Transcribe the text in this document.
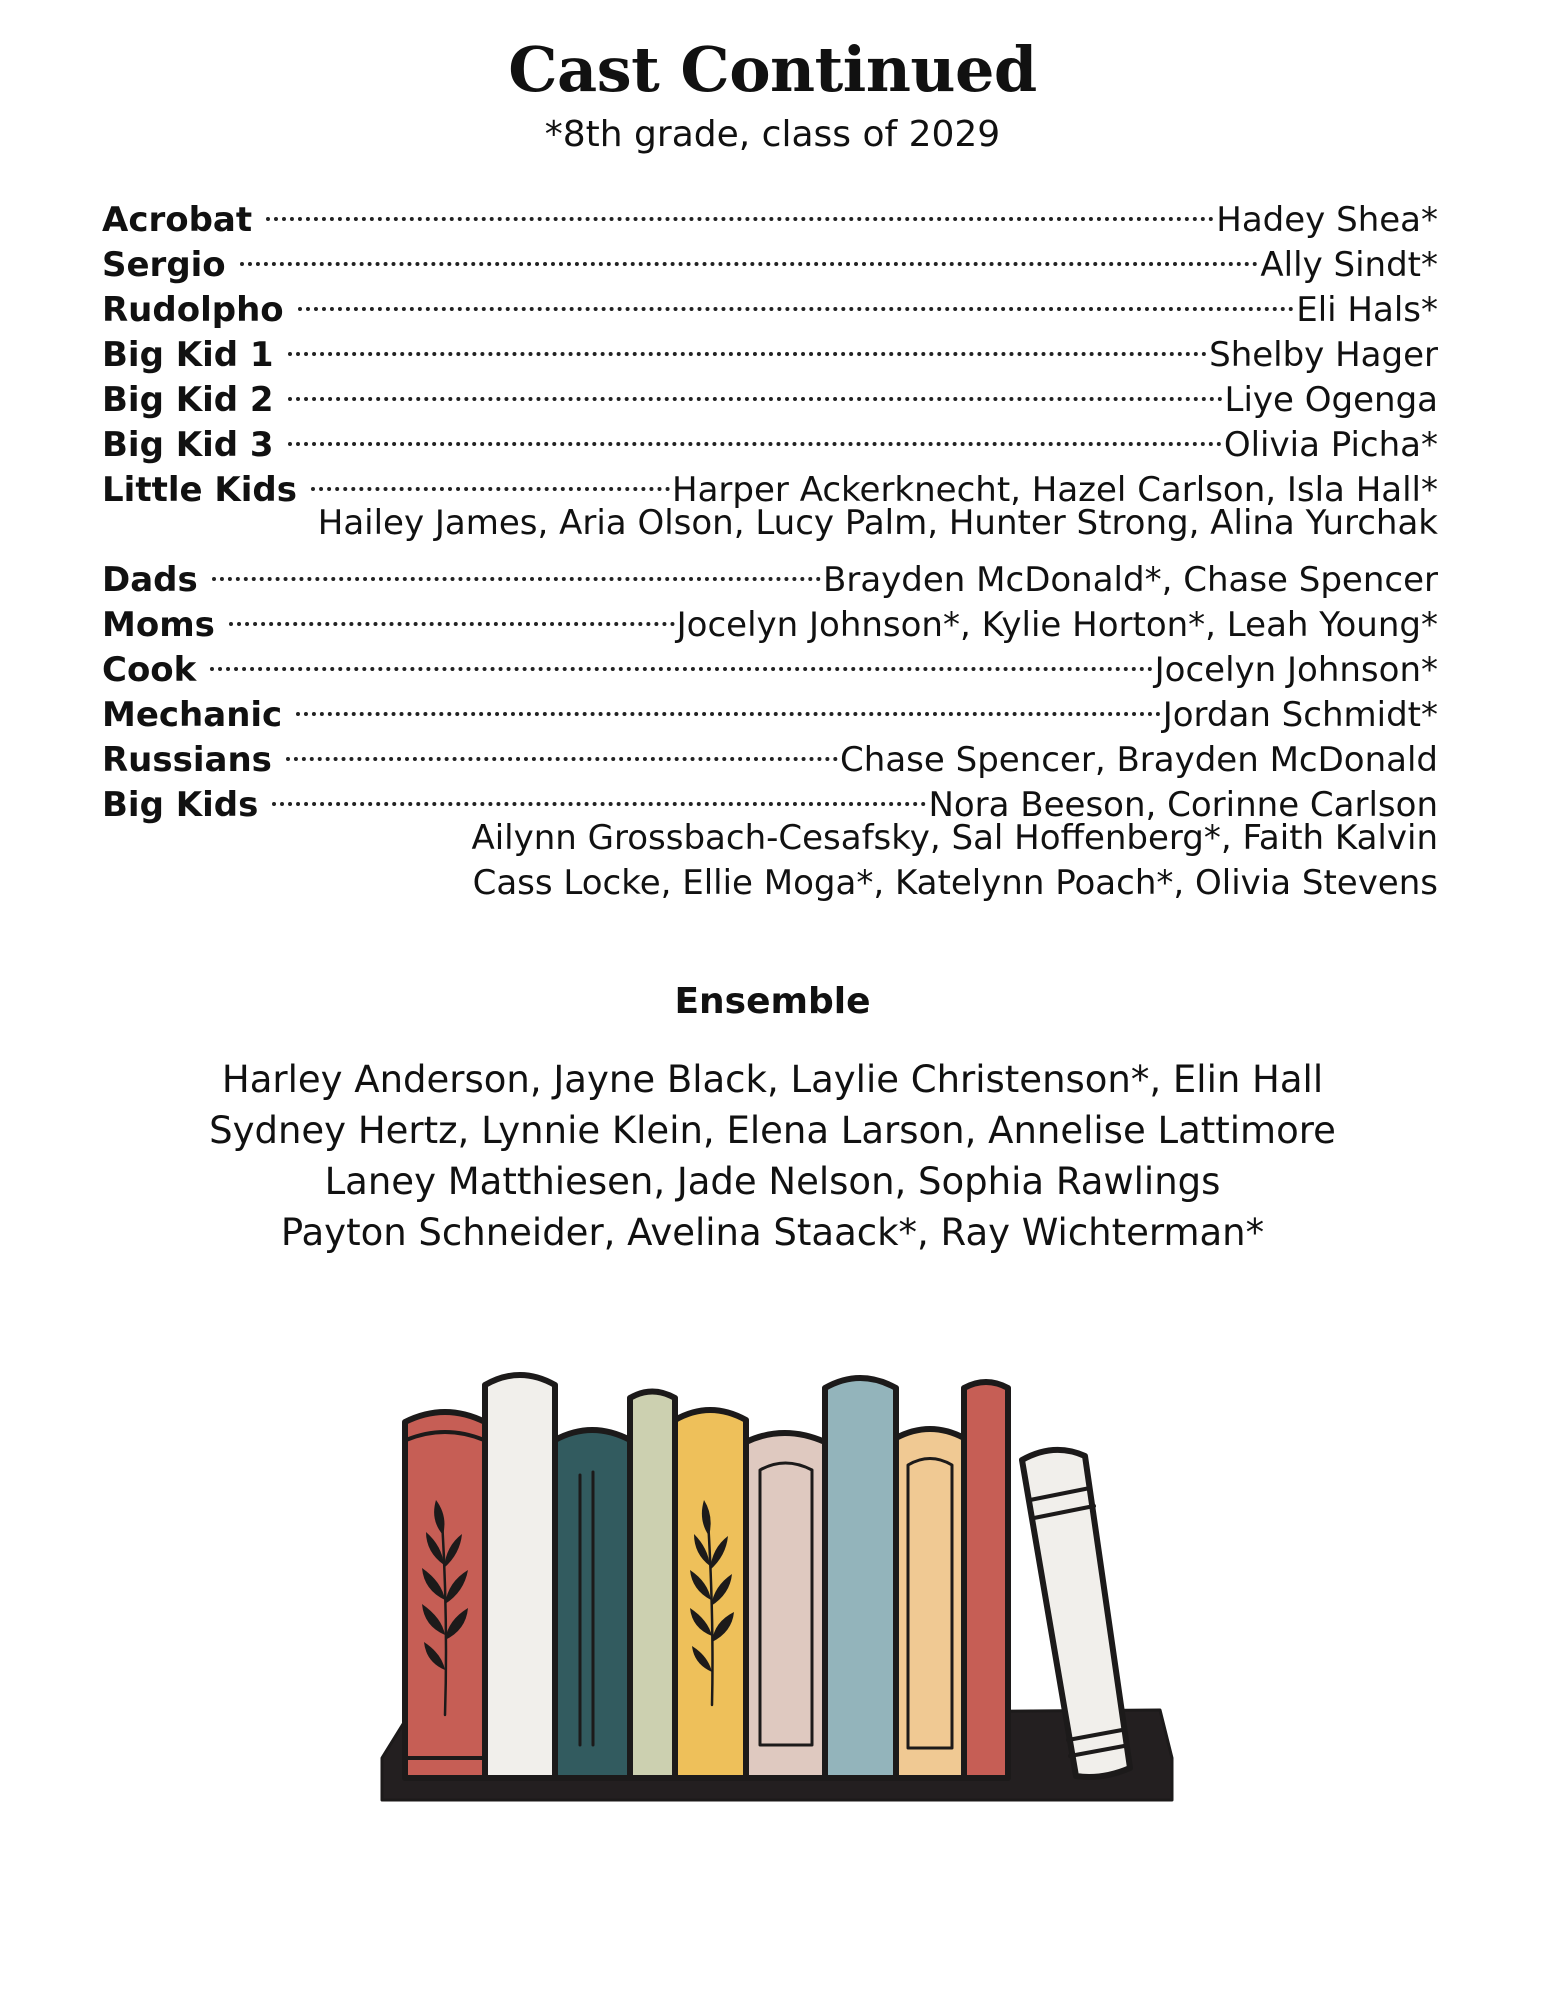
Cast Continued
*8th grade, class of 2029
Acrobat	Hadey Shea*
Sergio	Ally Sindt*
Rudolpho	Eli Hals*
Big Kid 1	Shelby Hager
Big Kid 2	Liye Ogenga
Big Kid 3	Olivia Picha*
Little Kids	Harper Ackerknecht, Hazel Carlson, Isla Hall*
Hailey James, Aria Olson, Lucy Palm, Hunter Strong, Alina Yurchak
Dads	Brayden McDonald*, Chase Spencer
Moms	Jocelyn Johnson*, Kylie Horton*, Leah Young*
Cook	Jocelyn Johnson*
Mechanic	Jordan Schmidt*
Russians	Chase Spencer, Brayden McDonald
Big Kids	Nora Beeson, Corinne Carlson
Ailynn Grossbach-Cesafsky, Sal Hoffenberg*, Faith Kalvin
Cass Locke, Ellie Moga*, Katelynn Poach*, Olivia Stevens
Ensemble
Harley Anderson, Jayne Black, Laylie Christenson*, Elin Hall
Sydney Hertz, Lynnie Klein, Elena Larson, Annelise Lattimore
Laney Matthiesen, Jade Nelson, Sophia Rawlings
Payton Schneider, Avelina Staack*, Ray Wichterman*
